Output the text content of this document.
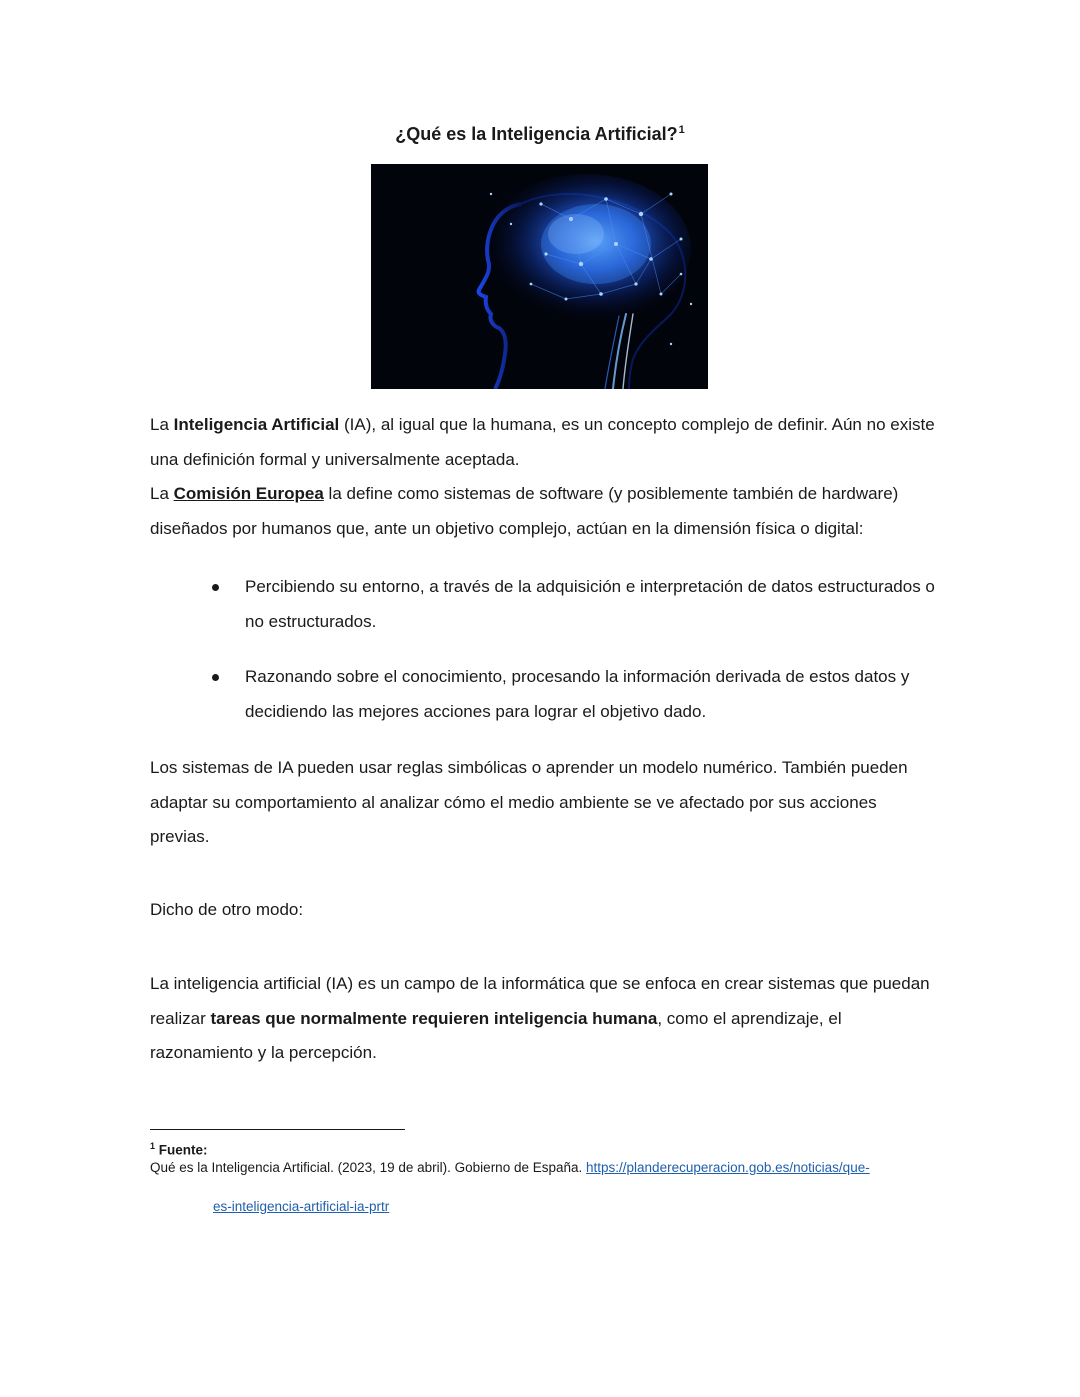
¿Qué es la Inteligencia Artificial?$^1$

La Inteligencia Artificial (IA), al igual que la humana, es un concepto complejo de definir. Aún no existe una definición formal y universalmente aceptada.

La Comisión Europea la define como sistemas de software (y posiblemente también de hardware) diseñados por humanos que, ante un objetivo complejo, actúan en la dimensión física o digital:

Percibiendo su entorno, a través de la adquisición e interpretación de datos estructurados o no estructurados.
Razonando sobre el conocimiento, procesando la información derivada de estos datos y decidiendo las mejores acciones para lograr el objetivo dado.

Los sistemas de IA pueden usar reglas simbólicas o aprender un modelo numérico. También pueden adaptar su comportamiento al analizar cómo el medio ambiente se ve afectado por sus acciones previas.

Dicho de otro modo:

La inteligencia artificial (IA) es un campo de la informática que se enfoca en crear sistemas que puedan realizar tareas que normalmente requieren inteligencia humana, como el aprendizaje, el razonamiento y la percepción.

$^1$ Fuente:
Qué es la Inteligencia Artificial. (2023, 19 de abril). Gobierno de España. https://planderecuperacion.gob.es/noticias/que-
es-inteligencia-artificial-ia-prtr
